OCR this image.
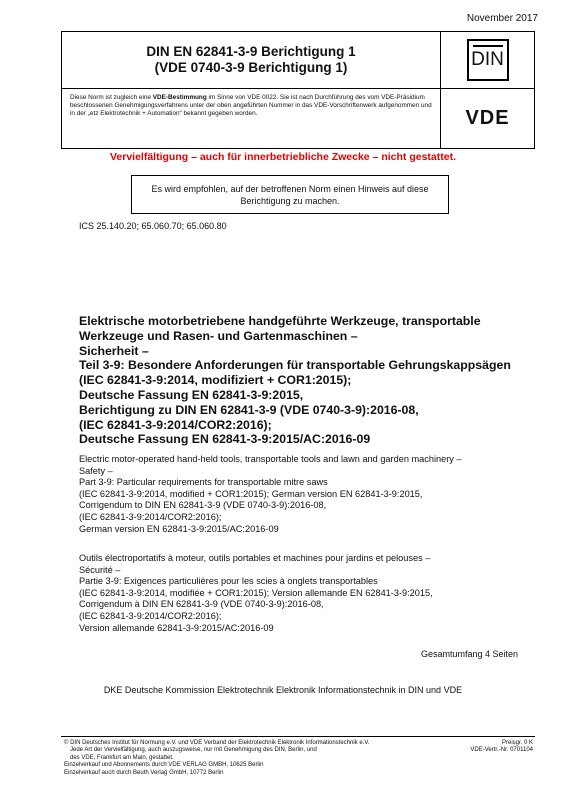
November 2017
DIN EN 62841-3-9 Berichtigung 1
(VDE 0740-3-9 Berichtigung 1)	DIN
Diese Norm ist zugleich eine VDE-Bestimmung im Sinne von VDE 0022. Sie ist nach Durchführung des vom VDE-Präsidium beschlossenen Genehmigungsverfahrens unter der oben angeführten Nummer in das VDE-Vorschriftenwerk aufgenommen und in der „etz Elektrotechnik + Automation“ bekannt gegeben worden.	VDE
Vervielfältigung – auch für innerbetriebliche Zwecke – nicht gestattet.
Es wird empfohlen, auf der betroffenen Norm einen Hinweis auf diese Berichtigung zu machen.
ICS 25.140.20; 65.060.70; 65.060.80
Elektrische motorbetriebene handgeführte Werkzeuge, transportable
Werkzeuge und Rasen- und Gartenmaschinen –
Sicherheit –
Teil 3-9: Besondere Anforderungen für transportable Gehrungskappsägen
(IEC 62841-3-9:2014, modifiziert + COR1:2015);
Deutsche Fassung EN 62841-3-9:2015,
Berichtigung zu DIN EN 62841-3-9 (VDE 0740-3-9):2016-08,
(IEC 62841-3-9:2014/COR2:2016);
Deutsche Fassung EN 62841-3-9:2015/AC:2016-09
Electric motor-operated hand-held tools, transportable tools and lawn and garden machinery –
Safety –
Part 3-9: Particular requirements for transportable mitre saws
(IEC 62841-3-9:2014, modified + COR1:2015); German version EN 62841-3-9:2015,
Corrigendum to DIN EN 62841-3-9 (VDE 0740-3-9):2016-08,
(IEC 62841-3-9:2014/COR2:2016);
German version EN 62841-3-9:2015/AC:2016-09
Outils électroportatifs à moteur, outils portables et machines pour jardins et pelouses –
Sécurité –
Partie 3-9: Exigences particulières pour les scies à onglets transportables
(IEC 62841-3-9:2014, modifiée + COR1:2015); Version allemande EN 62841-3-9:2015,
Corrigendum à DIN EN 62841-3-9 (VDE 0740-3-9):2016-08,
(IEC 62841-3-9:2014/COR2:2016);
Version allemande 62841-3-9:2015/AC:2016-09
Gesamtumfang 4 Seiten
DKE Deutsche Kommission Elektrotechnik Elektronik Informationstechnik in DIN und VDE
© DIN Deutsches Institut für Normung e.V. und VDE Verband der Elektrotechnik Elektronik Informationstechnik e.V.
Jede Art der Vervielfältigung, auch auszugsweise, nur mit Genehmigung des DIN, Berlin, und
des VDE, Frankfurt am Main, gestattet.
Einzelverkauf und Abonnements durch VDE VERLAG GMBH, 10625 Berlin
Einzelverkauf auch durch Beuth Verlag GmbH, 10772 Berlin
Preisgr. 0 K
VDE-Vertr.-Nr. 0701104
